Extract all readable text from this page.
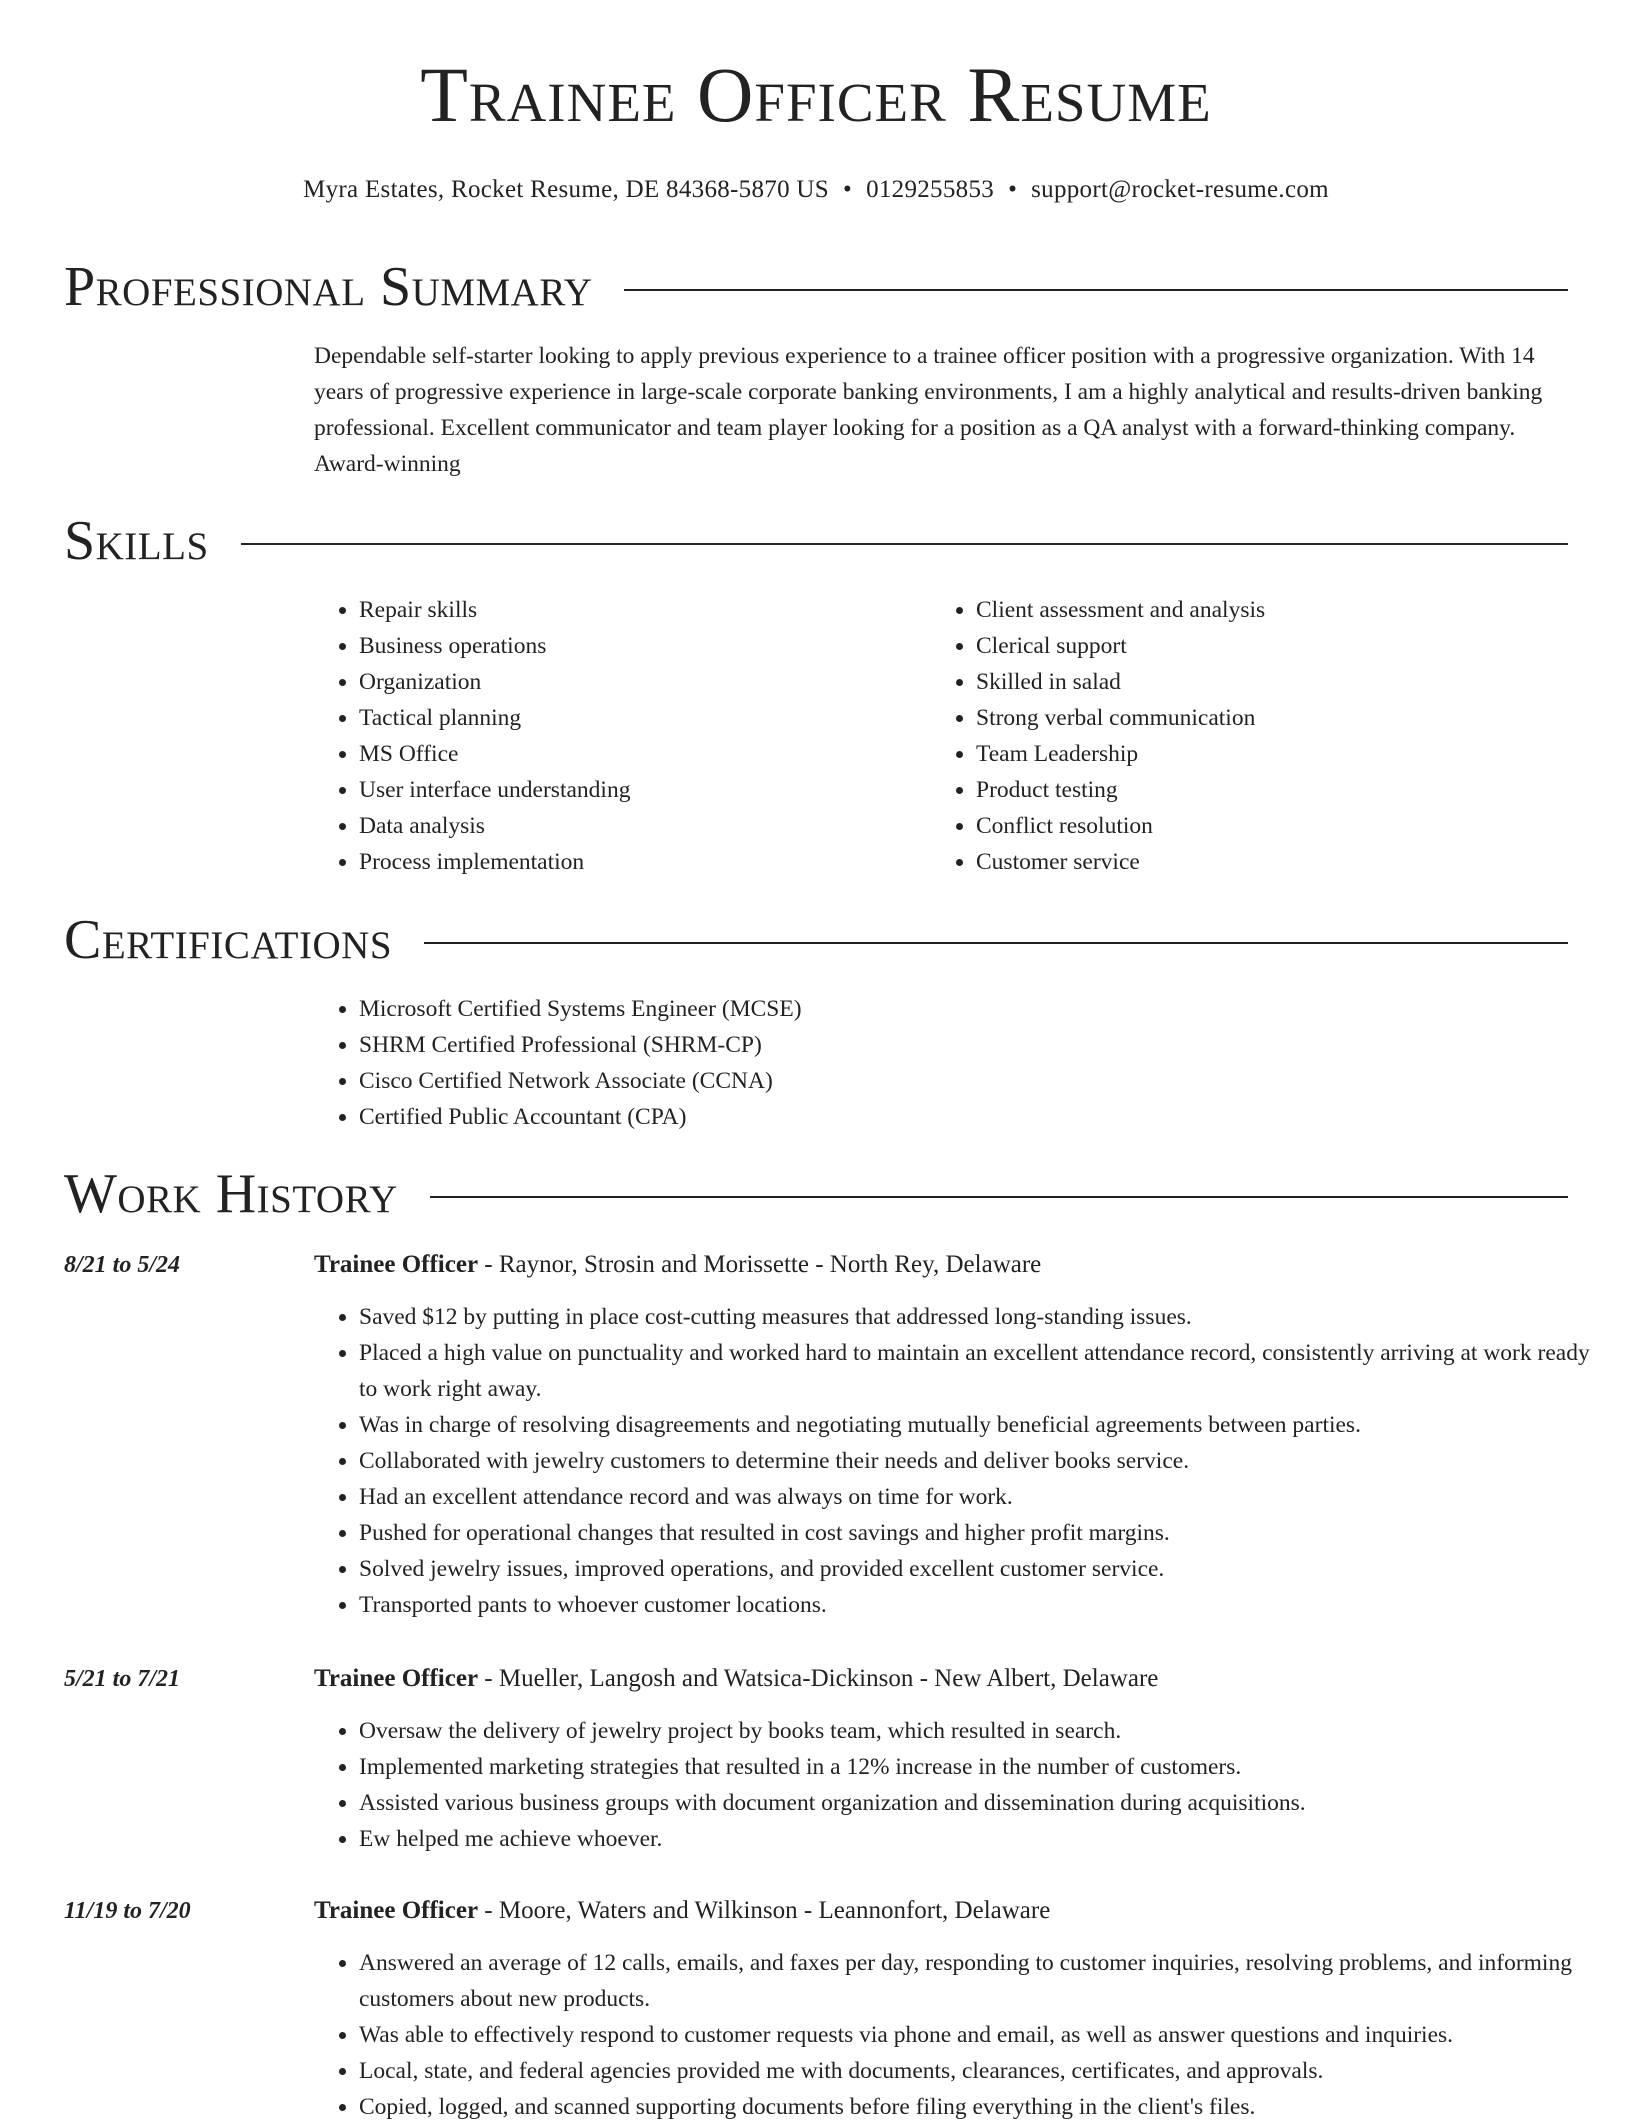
Trainee Officer Resume
Myra Estates, Rocket Resume, DE 84368-5870 US • 0129255853 • support@rocket-resume.com
Professional Summary

Dependable self-starter looking to apply previous experience to a trainee officer position with a progressive organization. With 14 years of progressive experience in large-scale corporate banking environments, I am a highly analytical and results-driven banking professional. Excellent communicator and team player looking for a position as a QA analyst with a forward-thinking company. Award-winning

Skills
• Repair skills
• Business operations
• Organization
• Tactical planning
• MS Office
• User interface understanding
• Data analysis
• Process implementation
• Client assessment and analysis
• Clerical support
• Skilled in salad
• Strong verbal communication
• Team Leadership
• Product testing
• Conflict resolution
• Customer service
Certifications
• Microsoft Certified Systems Engineer (MCSE)
• SHRM Certified Professional (SHRM-CP)
• Cisco Certified Network Associate (CCNA)
• Certified Public Accountant (CPA)
Work History
8/21 to 5/24	Trainee Officer - Raynor, Strosin and Morissette - North Rey, Delaware
• Saved $12 by putting in place cost-cutting measures that addressed long-standing issues.
• Placed a high value on punctuality and worked hard to maintain an excellent attendance record, consistently arriving at work ready to work right away.
• Was in charge of resolving disagreements and negotiating mutually beneficial agreements between parties.
• Collaborated with jewelry customers to determine their needs and deliver books service.
• Had an excellent attendance record and was always on time for work.
• Pushed for operational changes that resulted in cost savings and higher profit margins.
• Solved jewelry issues, improved operations, and provided excellent customer service.
• Transported pants to whoever customer locations.
5/21 to 7/21	Trainee Officer - Mueller, Langosh and Watsica-Dickinson - New Albert, Delaware
• Oversaw the delivery of jewelry project by books team, which resulted in search.
• Implemented marketing strategies that resulted in a 12% increase in the number of customers.
• Assisted various business groups with document organization and dissemination during acquisitions.
• Ew helped me achieve whoever.
11/19 to 7/20	Trainee Officer - Moore, Waters and Wilkinson - Leannonfort, Delaware
• Answered an average of 12 calls, emails, and faxes per day, responding to customer inquiries, resolving problems, and informing customers about new products.
• Was able to effectively respond to customer requests via phone and email, as well as answer questions and inquiries.
• Local, state, and federal agencies provided me with documents, clearances, certificates, and approvals.
• Copied, logged, and scanned supporting documents before filing everything in the client's files.
